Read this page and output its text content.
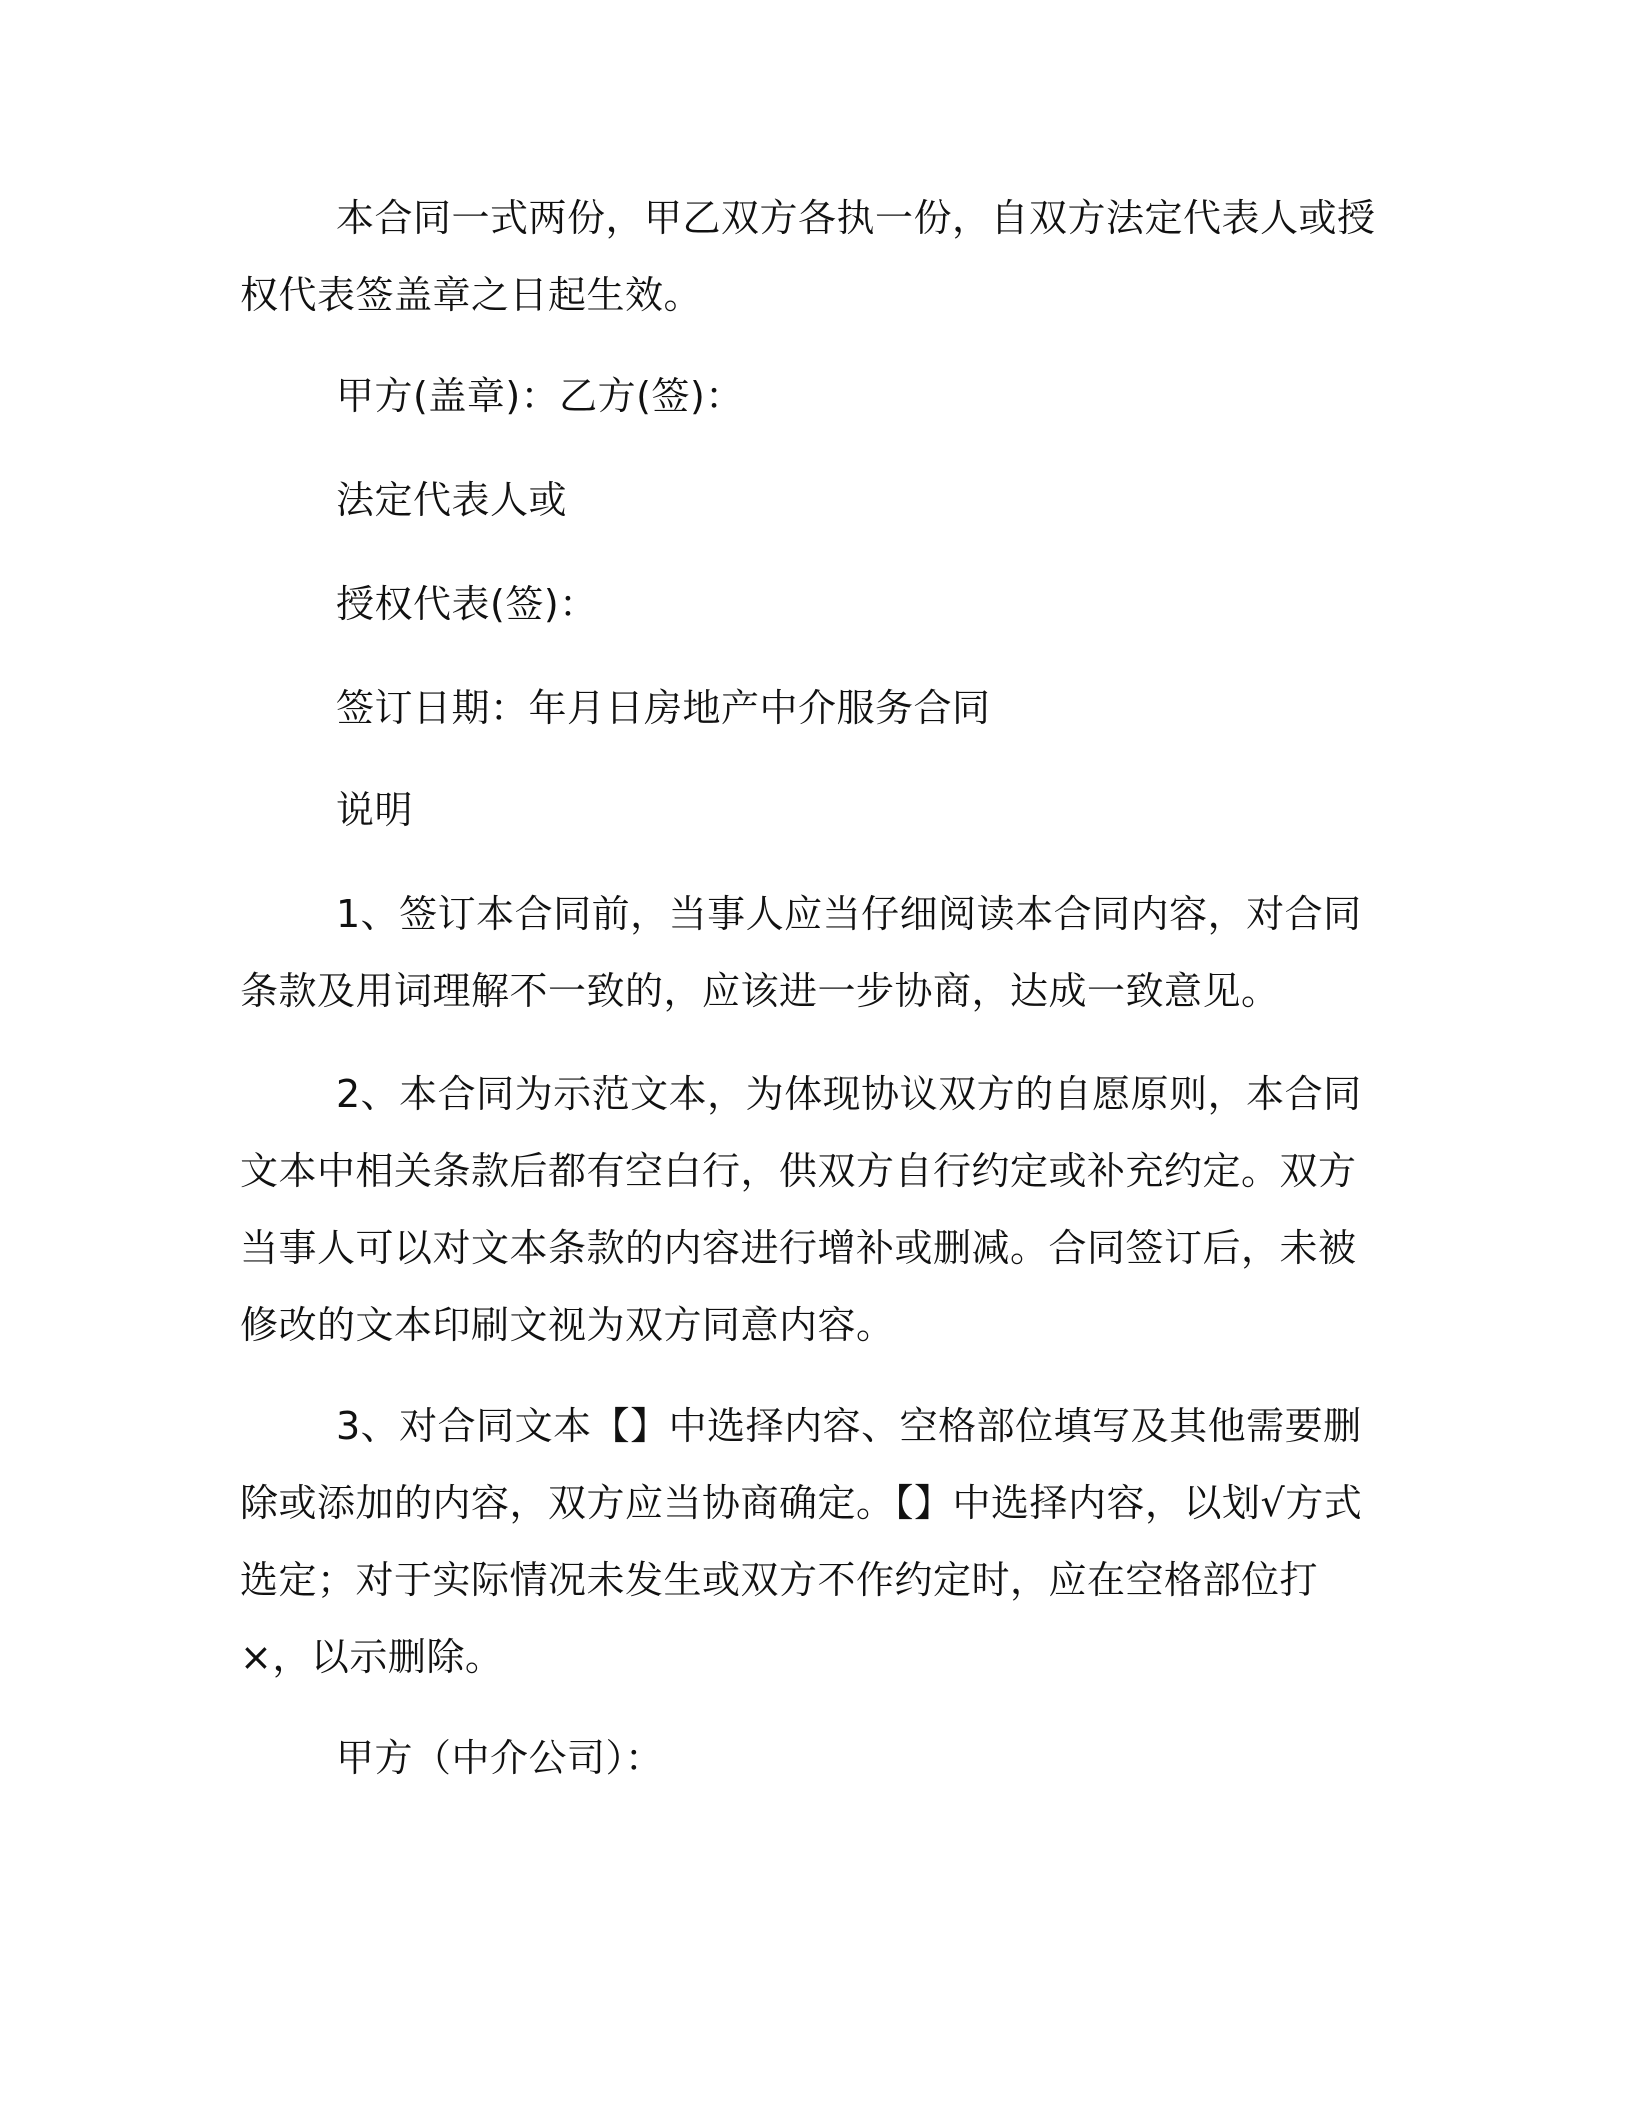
本合同一式两份，甲乙双方各执一份，自双方法定代表人或授权代表签盖章之日起生效。

甲方(盖章)：乙方(签)：

法定代表人或

授权代表(签)：

签订日期：年月日房地产中介服务合同

说明

1、签订本合同前，当事人应当仔细阅读本合同内容，对合同条款及用词理解不一致的，应该进一步协商，达成一致意见。

2、本合同为示范文本，为体现协议双方的自愿原则，本合同文本中相关条款后都有空白行，供双方自行约定或补充约定。双方当事人可以对文本条款的内容进行增补或删减。合同签订后，未被修改的文本印刷文视为双方同意内容。

3、对合同文本【】中选择内容、空格部位填写及其他需要删除或添加的内容，双方应当协商确定。【】中选择内容，以划√方式选定；对于实际情况未发生或双方不作约定时，应在空格部位打×，以示删除。

甲方（中介公司）：
